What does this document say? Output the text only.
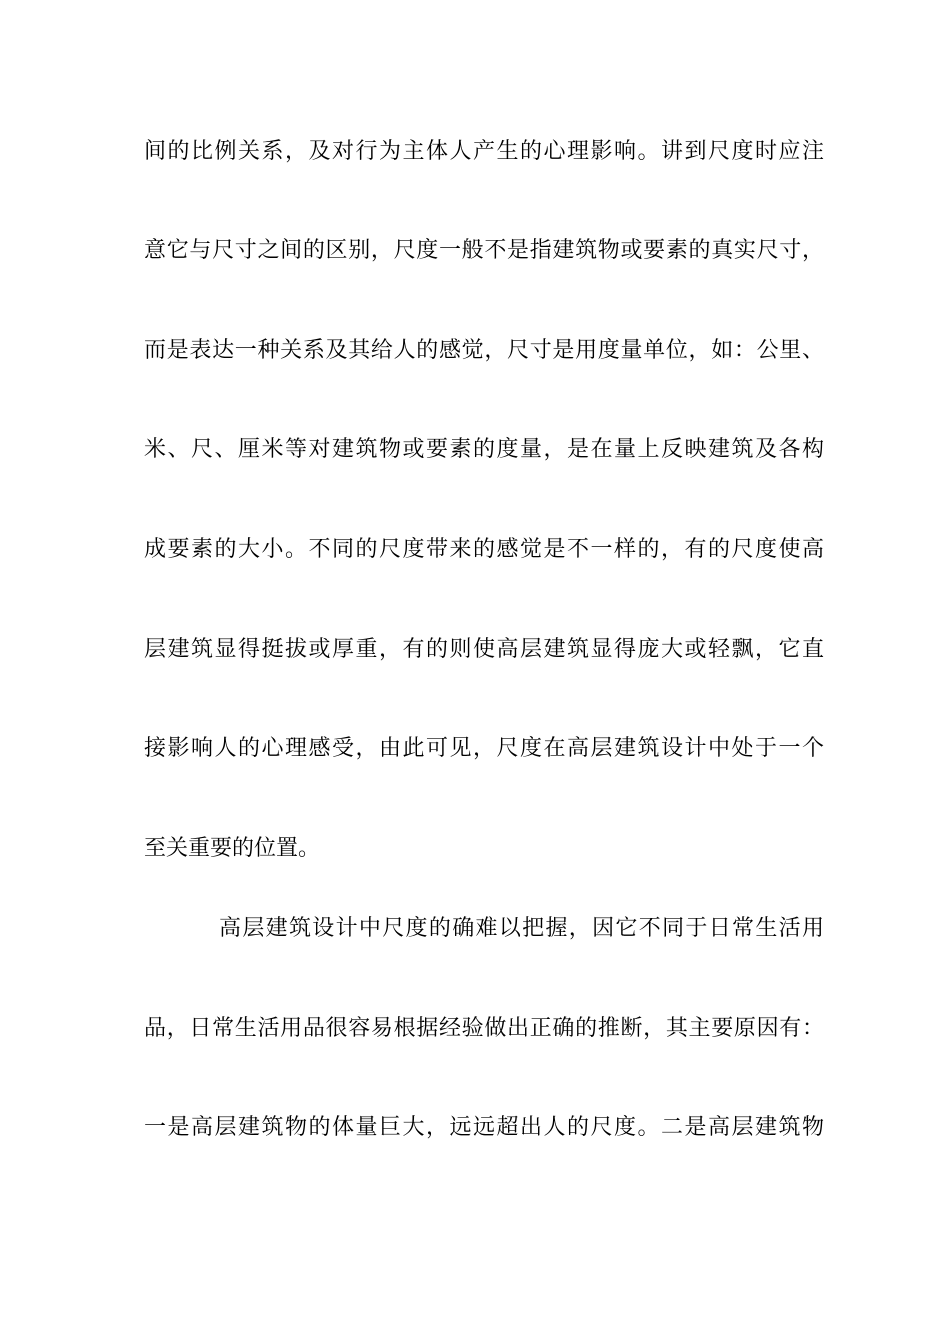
间的比例关系，及对行为主体人产生的心理影响。讲到尺度时应注
意它与尺寸之间的区别，尺度一般不是指建筑物或要素的真实尺寸，
而是表达一种关系及其给人的感觉，尺寸是用度量单位，如：公里、
米、尺、厘米等对建筑物或要素的度量，是在量上反映建筑及各构
成要素的大小。不同的尺度带来的感觉是不一样的，有的尺度使高
层建筑显得挺拔或厚重，有的则使高层建筑显得庞大或轻飘，它直
接影响人的心理感受，由此可见，尺度在高层建筑设计中处于一个
至关重要的位置。
高层建筑设计中尺度的确难以把握，因它不同于日常生活用
品，日常生活用品很容易根据经验做出正确的推断，其主要原因有：
一是高层建筑物的体量巨大，远远超出人的尺度。二是高层建筑物
